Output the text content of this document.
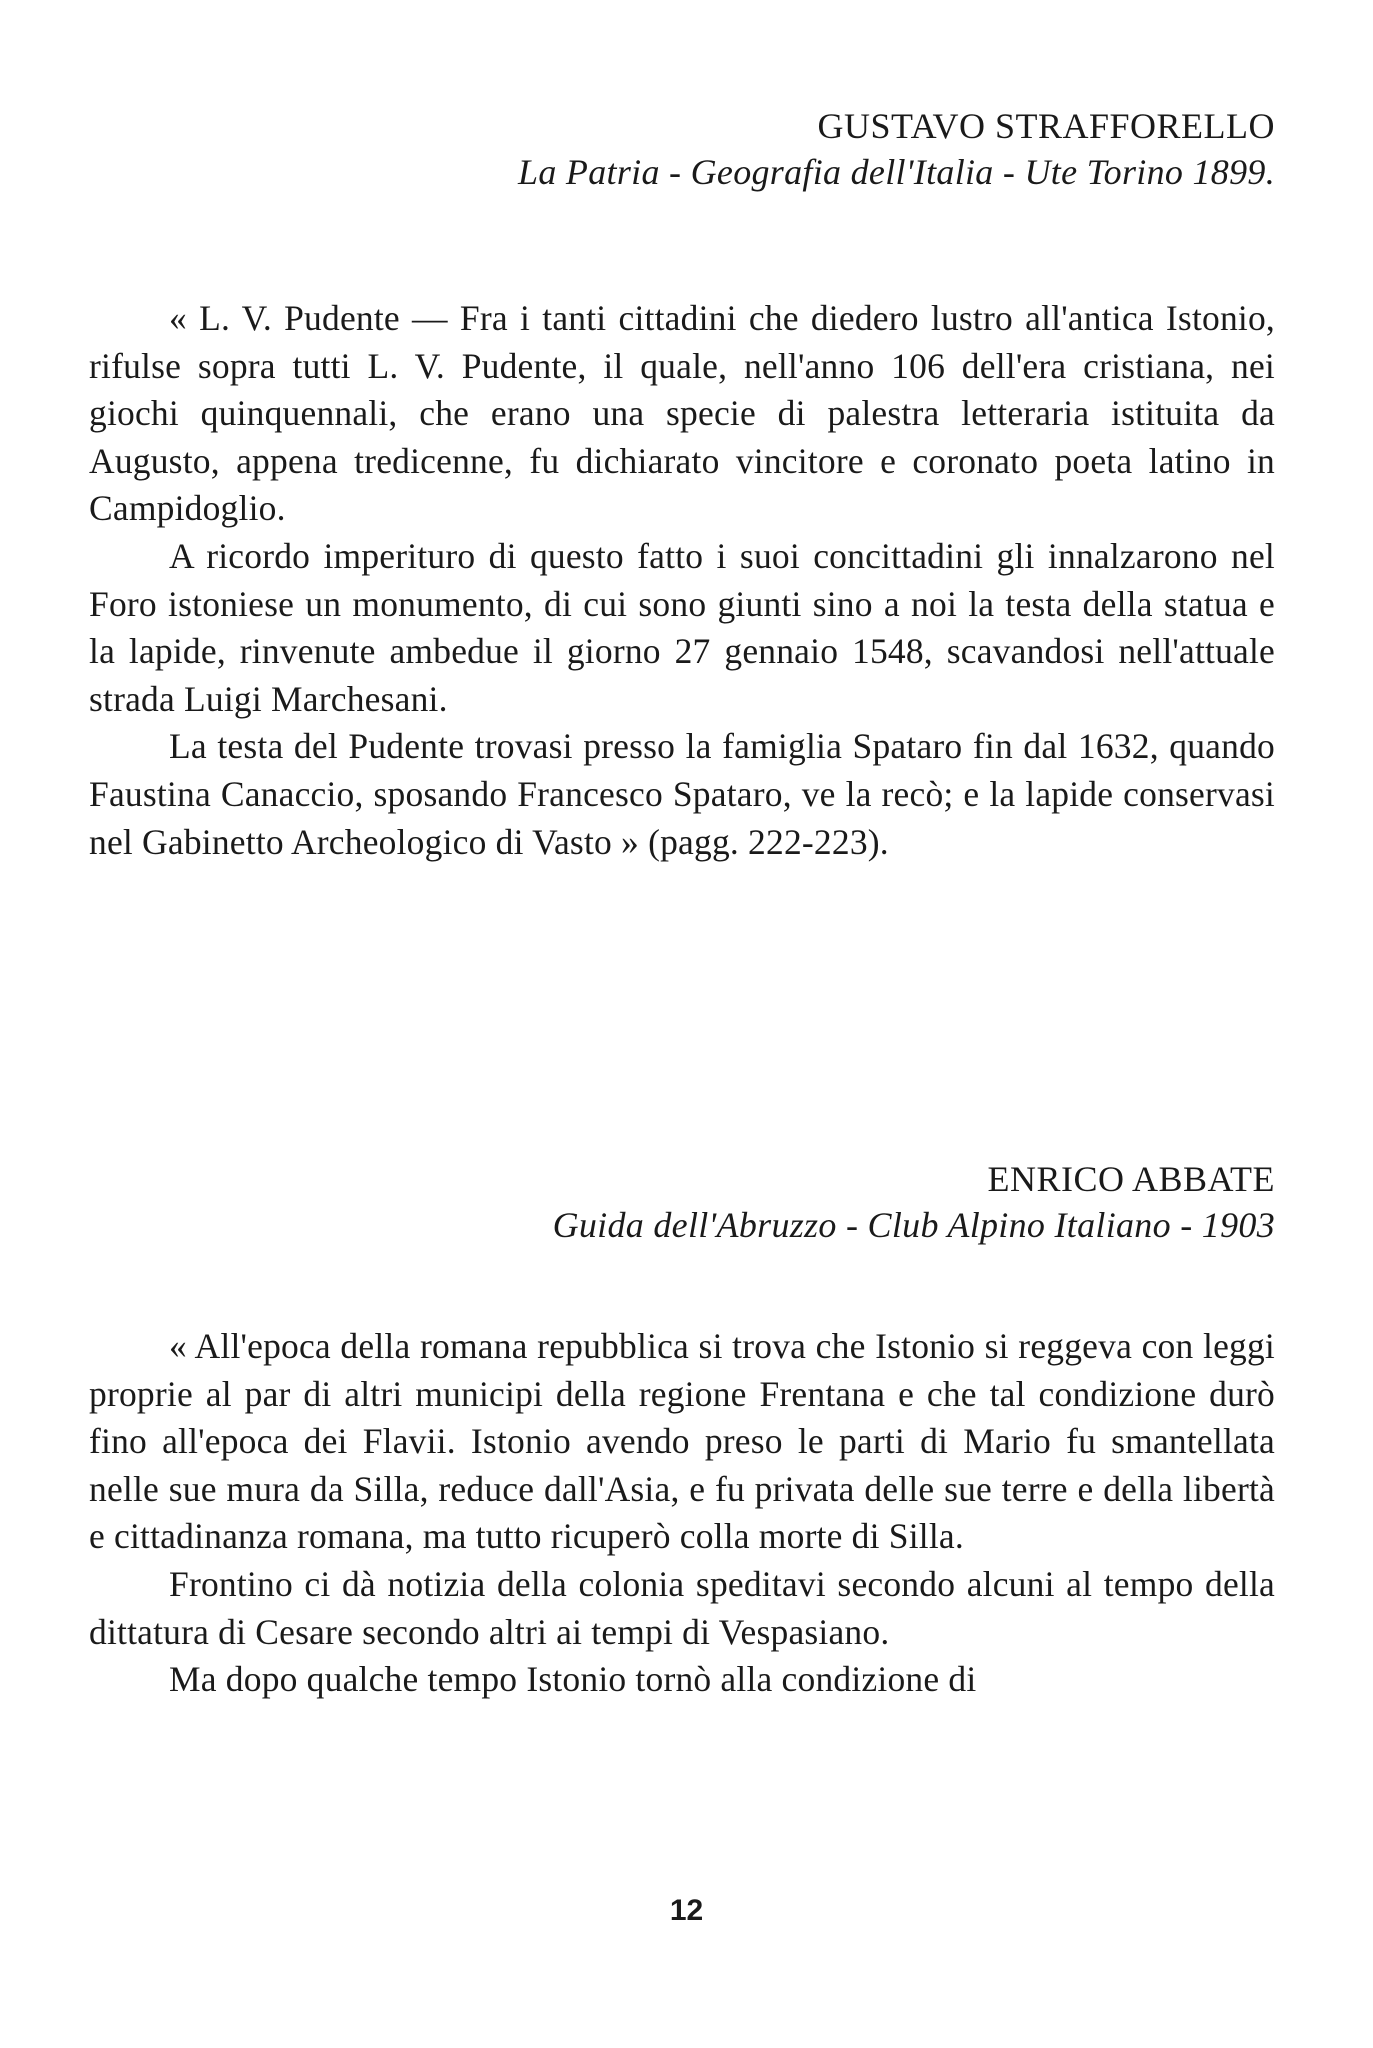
GUSTAVO STRAFFORELLO
La Patria - Geografia dell'Italia - Ute Torino 1899.

« L. V. Pudente — Fra i tanti cittadini che diedero lustro all'antica Istonio, rifulse sopra tutti L. V. Pudente, il quale, nell'anno 106 dell'era cristiana, nei giochi quinquennali, che erano una specie di palestra letteraria istituita da Augusto, appena tredicenne, fu dichiarato vincitore e coronato poeta latino in Campidoglio.

A ricordo imperituro di questo fatto i suoi concittadini gli innalzarono nel Foro istoniese un monumento, di cui sono giunti sino a noi la testa della statua e la lapide, rinvenute ambedue il giorno 27 gennaio 1548, scavandosi nell'attuale strada Luigi Marchesani.

La testa del Pudente trovasi presso la famiglia Spataro fin dal 1632, quando Faustina Canaccio, sposando Francesco Spataro, ve la recò; e la lapide conservasi nel Gabinetto Archeologico di Vasto » (pagg. 222-223).

ENRICO ABBATE
Guida dell'Abruzzo - Club Alpino Italiano - 1903

« All'epoca della romana repubblica si trova che Istonio si reggeva con leggi proprie al par di altri municipi della regione Frentana e che tal condizione durò fino all'epoca dei Flavii. Istonio avendo preso le parti di Mario fu smantellata nelle sue mura da Silla, reduce dall'Asia, e fu privata delle sue terre e della libertà e cittadinanza romana, ma tutto ricuperò colla morte di Silla.

Frontino ci dà notizia della colonia speditavi secondo alcuni al tempo della dittatura di Cesare secondo altri ai tempi di Vespasiano.

Ma dopo qualche tempo Istonio tornò alla condizione di

12
